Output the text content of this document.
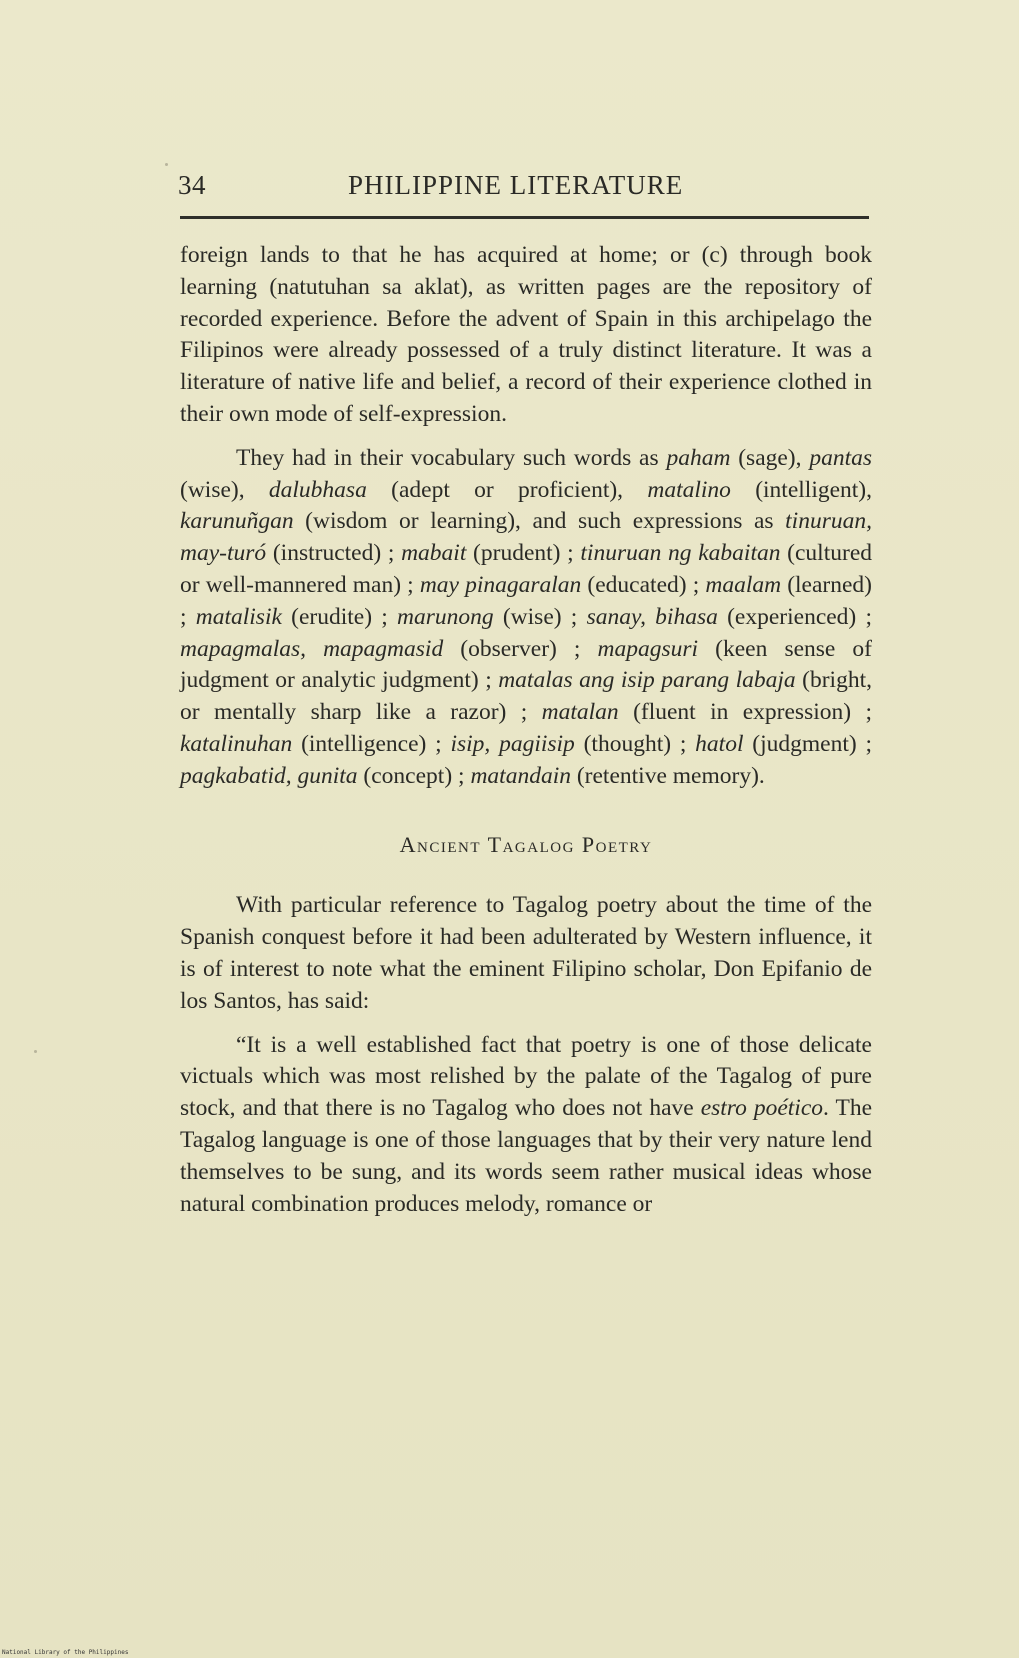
34	PHILIPPINE LITERATURE

foreign lands to that he has acquired at home; or (c) through book learning (natutuhan sa aklat), as written pages are the repository of recorded experience. Before the advent of Spain in this archipelago the Filipinos were already possessed of a truly distinct literature. It was a literature of native life and belief, a record of their experience clothed in their own mode of self-expression.

They had in their vocabulary such words as paham (sage), pantas (wise), dalubhasa (adept or proficient), matalino (intelligent), karunuñgan (wisdom or learning), and such expressions as tinuruan, may-turó (instructed) ; mabait (prudent) ; tinuruan ng kabaitan (cultured or well-mannered man) ; may pinagaralan (educated) ; maalam (learned) ; matalisik (erudite) ; marunong (wise) ; sanay, bihasa (experienced) ; mapagmalas, mapagmasid (observer) ; mapagsuri (keen sense of judgment or analytic judgment) ; matalas ang isip parang labaja (bright, or mentally sharp like a razor) ; matalan (fluent in expression) ; katalinuhan (intelligence) ; isip, pagiisip (thought) ; hatol (judgment) ; pagkabatid, gunita (concept) ; matandain (retentive memory).

Ancient Tagalog Poetry

With particular reference to Tagalog poetry about the time of the Spanish conquest before it had been adulterated by Western influence, it is of interest to note what the eminent Filipino scholar, Don Epifanio de los Santos, has said:

“It is a well established fact that poetry is one of those delicate victuals which was most relished by the palate of the Tagalog of pure stock, and that there is no Tagalog who does not have estro poético. The Tagalog language is one of those languages that by their very nature lend themselves to be sung, and its words seem rather musical ideas whose natural combination produces melody, romance or

National Library of the Philippines
